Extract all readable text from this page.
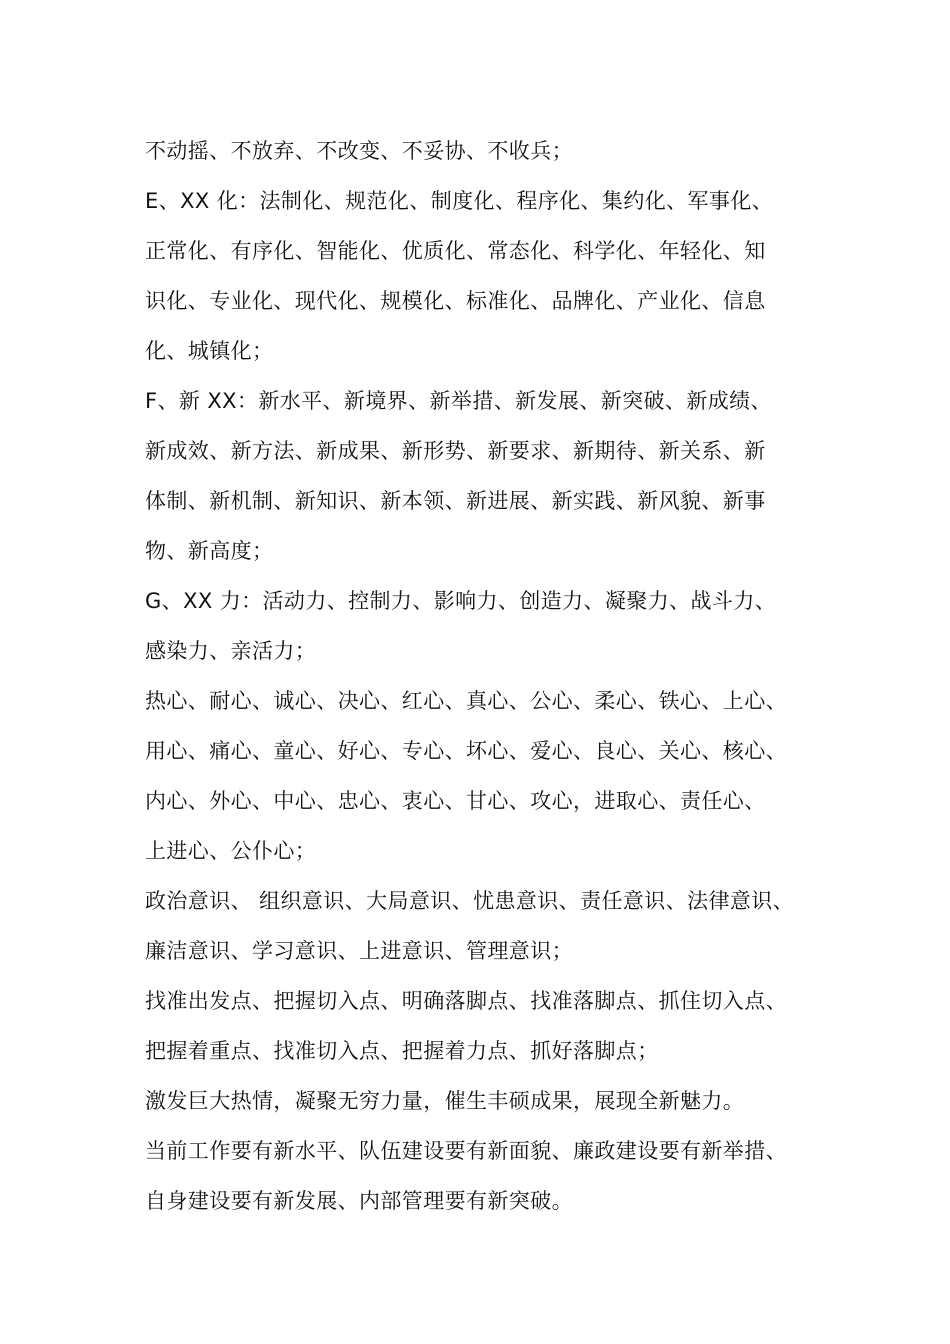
不动摇、不放弃、不改变、不妥协、不收兵；
E、XX 化：法制化、规范化、制度化、程序化、集约化、军事化、
正常化、有序化、智能化、优质化、常态化、科学化、年轻化、知
识化、专业化、现代化、规模化、标准化、品牌化、产业化、信息
化、城镇化；
F、新 XX：新水平、新境界、新举措、新发展、新突破、新成绩、
新成效、新方法、新成果、新形势、新要求、新期待、新关系、新
体制、新机制、新知识、新本领、新进展、新实践、新风貌、新事
物、新高度；
G、XX 力：活动力、控制力、影响力、创造力、凝聚力、战斗力、
感染力、亲活力；
热心、耐心、诚心、决心、红心、真心、公心、柔心、铁心、上心、
用心、痛心、童心、好心、专心、坏心、爱心、良心、关心、核心、
内心、外心、中心、忠心、衷心、甘心、攻心，进取心、责任心、
上进心、公仆心；
政治意识、 组织意识、大局意识、忧患意识、责任意识、法律意识、
廉洁意识、学习意识、上进意识、管理意识；
找准出发点、把握切入点、明确落脚点、找准落脚点、抓住切入点、
把握着重点、找准切入点、把握着力点、抓好落脚点；
激发巨大热情，凝聚无穷力量，催生丰硕成果，展现全新魅力。
当前工作要有新水平、队伍建设要有新面貌、廉政建设要有新举措、
自身建设要有新发展、内部管理要有新突破。
